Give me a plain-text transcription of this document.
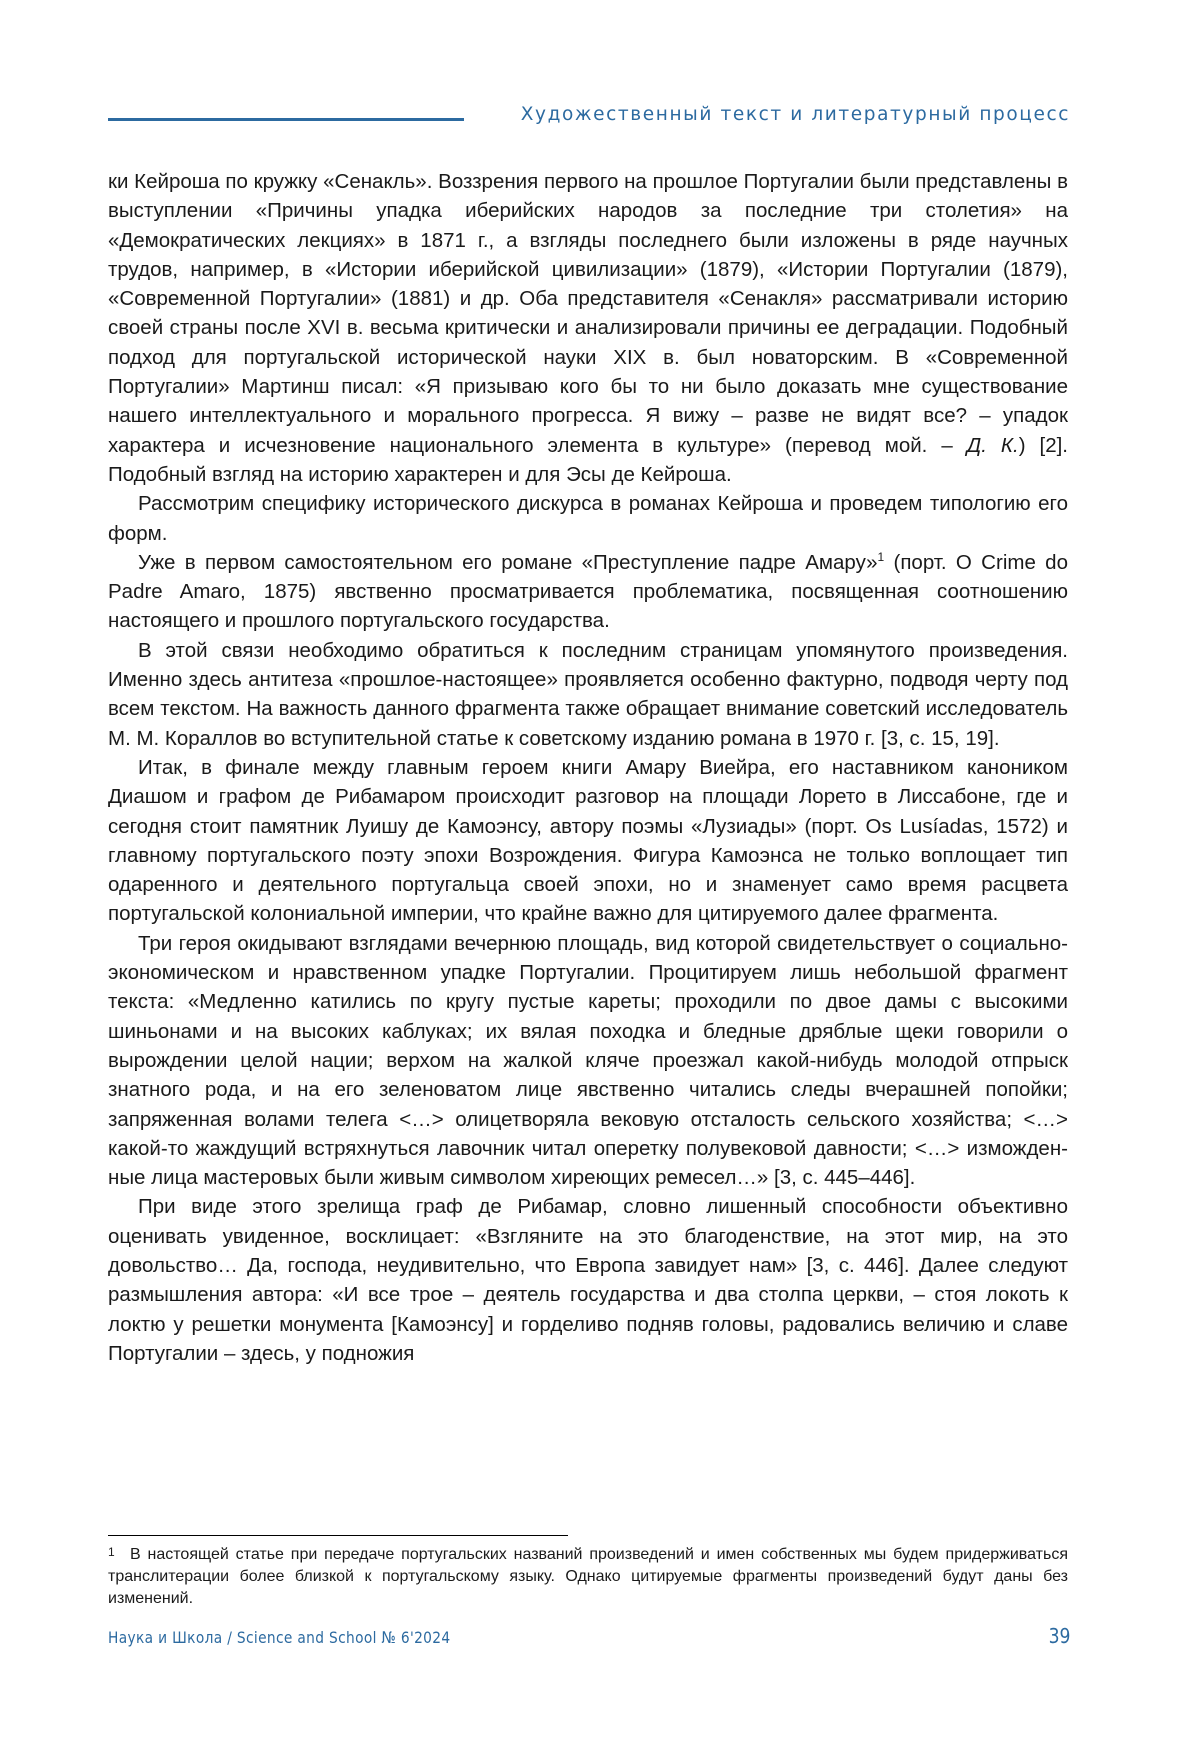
Художественный текст и литературный процесс

ки Кейроша по кружку «Сенакль». Воззрения первого на прошлое Португалии были представлены в выступлении «Причины упадка иберийских народов за последние три столетия» на «Демократических лекциях» в 1871 г., а взгляды последнего были изложены в ряде научных трудов, например, в «Истории иберийской цивилизации» (1879), «Истории Португалии (1879), «Современной Португалии» (1881) и др. Оба представителя «Сенакля» рассматривали историю своей страны после XVI в. весьма критически и анализировали причины ее деградации. Подобный подход для португальской исторической науки XIX в. был новаторским. В «Современной Португалии» Мартинш писал: «Я призываю кого бы то ни было доказать мне существование нашего интеллектуального и морального прогресса. Я вижу – разве не видят все? – упадок характера и исчезновение национального элемента в культуре» (перевод мой. – Д. К.) [2]. Подобный взгляд на историю характерен и для Эсы де Кейроша.

Рассмотрим специфику исторического дискурса в романах Кейроша и проведем типологию его форм.

Уже в первом самостоятельном его романе «Преступление падре Амару»$^1$ (порт. O Crime do Padre Amaro, 1875) явственно просматривается проблематика, посвященная соотношению настоящего и прошлого португальского государства.

В этой связи необходимо обратиться к последним страницам упомянутого произведения. Именно здесь антитеза «прошлое-настоящее» проявляется особенно фактурно, подводя черту под всем текстом. На важность данного фрагмента также обращает внимание советский исследователь М. М. Кораллов во вступительной статье к советскому изданию романа в 1970 г. [3, с. 15, 19].

Итак, в финале между главным героем книги Амару Виейра, его наставником каноником Диашом и графом де Рибамаром происходит разговор на площади Лорето в Лиссабоне, где и сегодня стоит памятник Луишу де Камоэнсу, автору поэмы «Лузиады» (порт. Os Lusíadas, 1572) и главному португальского поэту эпохи Возрождения. Фигура Камоэнса не только воплощает тип одаренного и деятельного португальца своей эпохи, но и знаменует само время расцвета португальской колониальной империи, что крайне важно для цитируемого далее фрагмента.

Три героя окидывают взглядами вечернюю площадь, вид которой свидетельствует о социально-экономическом и нравственном упадке Португалии. Процитируем лишь небольшой фрагмент текста: «Медленно катились по кругу пустые кареты; проходили по двое дамы с высокими шиньонами и на высоких каблуках; их вялая походка и бледные дряблые щеки говорили о вырождении целой нации; верхом на жалкой кляче проезжал какой-нибудь молодой отпрыск знатного рода, и на его зеленоватом лице явственно читались следы вчерашней попойки; запряженная волами телега <…> олицетворяла вековую отсталость сельского хозяйства; <…> какой-то жаждущий встряхнуться лавочник читал оперетку полувековой давности; <…> изможденные лица мастеровых были живым символом хиреющих ремесел…» [3, с. 445–446].

При виде этого зрелища граф де Рибамар, словно лишенный способности объективно оценивать увиденное, восклицает: «Взгляните на это благоденствие, на этот мир, на это довольство… Да, господа, неудивительно, что Европа завидует нам» [3, с. 446]. Далее следуют размышления автора: «И все трое – деятель государства и два столпа церкви, – стоя локоть к локтю у решетки монумента [Камоэнсу] и горделиво подняв головы, радовались величию и славе Португалии – здесь, у подножия

1 В настоящей статье при передаче португальских названий произведений и имен собственных мы будем придерживаться транслитерации более близкой к португальскому языку. Однако цитируемые фрагменты произведений будут даны без изменений.
Наука и Школа / Science and School № 6'2024	39
